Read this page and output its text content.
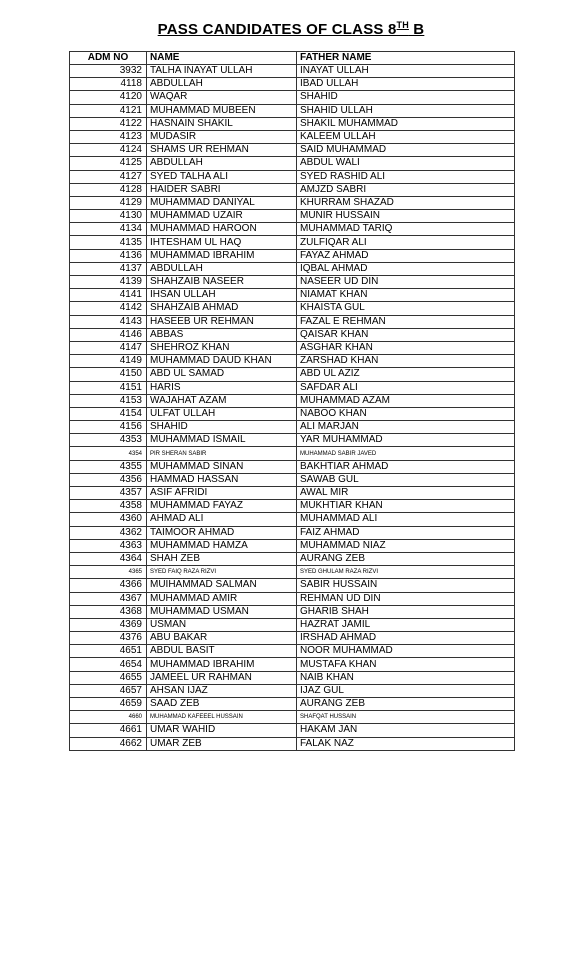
PASS CANDIDATES OF CLASS 8TH B
ADM NO	NAME	FATHER NAME
3932	TALHA INAYAT ULLAH	INAYAT ULLAH
4118	ABDULLAH	IBAD ULLAH
4120	WAQAR	SHAHID
4121	MUHAMMAD MUBEEN	SHAHID ULLAH
4122	HASNAIN SHAKIL	SHAKIL MUHAMMAD
4123	MUDASIR	KALEEM ULLAH
4124	SHAMS UR REHMAN	SAID MUHAMMAD
4125	ABDULLAH	ABDUL WALI
4127	SYED TALHA ALI	SYED RASHID ALI
4128	HAIDER SABRI	AMJZD SABRI
4129	MUHAMMAD DANIYAL	KHURRAM SHAZAD
4130	MUHAMMAD UZAIR	MUNIR HUSSAIN
4134	MUHAMMAD HAROON	MUHAMMAD TARIQ
4135	IHTESHAM UL HAQ	ZULFIQAR ALI
4136	MUHAMMAD IBRAHIM	FAYAZ AHMAD
4137	ABDULLAH	IQBAL AHMAD
4139	SHAHZAIB NASEER	NASEER UD DIN
4141	IHSAN ULLAH	NIAMAT KHAN
4142	SHAHZAIB AHMAD	KHAISTA GUL
4143	HASEEB UR REHMAN	FAZAL E REHMAN
4146	ABBAS	QAISAR KHAN
4147	SHEHROZ KHAN	ASGHAR KHAN
4149	MUHAMMAD DAUD KHAN	ZARSHAD KHAN
4150	ABD UL SAMAD	ABD UL AZIZ
4151	HARIS	SAFDAR ALI
4153	WAJAHAT AZAM	MUHAMMAD AZAM
4154	ULFAT ULLAH	NABOO KHAN
4156	SHAHID	ALI MARJAN
4353	MUHAMMAD ISMAIL	YAR MUHAMMAD
4354	PIR SHERAN SABIR	MUHAMMAD SABIR JAVED
4355	MUHAMMAD SINAN	BAKHTIAR AHMAD
4356	HAMMAD HASSAN	SAWAB GUL
4357	ASIF AFRIDI	AWAL MIR
4358	MUHAMMAD FAYAZ	MUKHTIAR KHAN
4360	AHMAD ALI	MUHAMMAD ALI
4362	TAIMOOR AHMAD	FAIZ AHMAD
4363	MUHAMMAD HAMZA	MUHAMMAD NIAZ
4364	SHAH ZEB	AURANG ZEB
4365	SYED FAIQ RAZA RIZVI	SYED GHULAM RAZA RIZVI
4366	MUIHAMMAD SALMAN	SABIR HUSSAIN
4367	MUHAMMAD AMIR	REHMAN UD DIN
4368	MUHAMMAD USMAN	GHARIB SHAH
4369	USMAN	HAZRAT JAMIL
4376	ABU BAKAR	IRSHAD AHMAD
4651	ABDUL BASIT	NOOR MUHAMMAD
4654	MUHAMMAD IBRAHIM	MUSTAFA KHAN
4655	JAMEEL UR RAHMAN	NAIB KHAN
4657	AHSAN IJAZ	IJAZ GUL
4659	SAAD ZEB	AURANG ZEB
4660	MUHAMMAD KAFEEEL HUSSAIN	SHAFQAT HUSSAIN
4661	UMAR WAHID	HAKAM JAN
4662	UMAR ZEB	FALAK NAZ
